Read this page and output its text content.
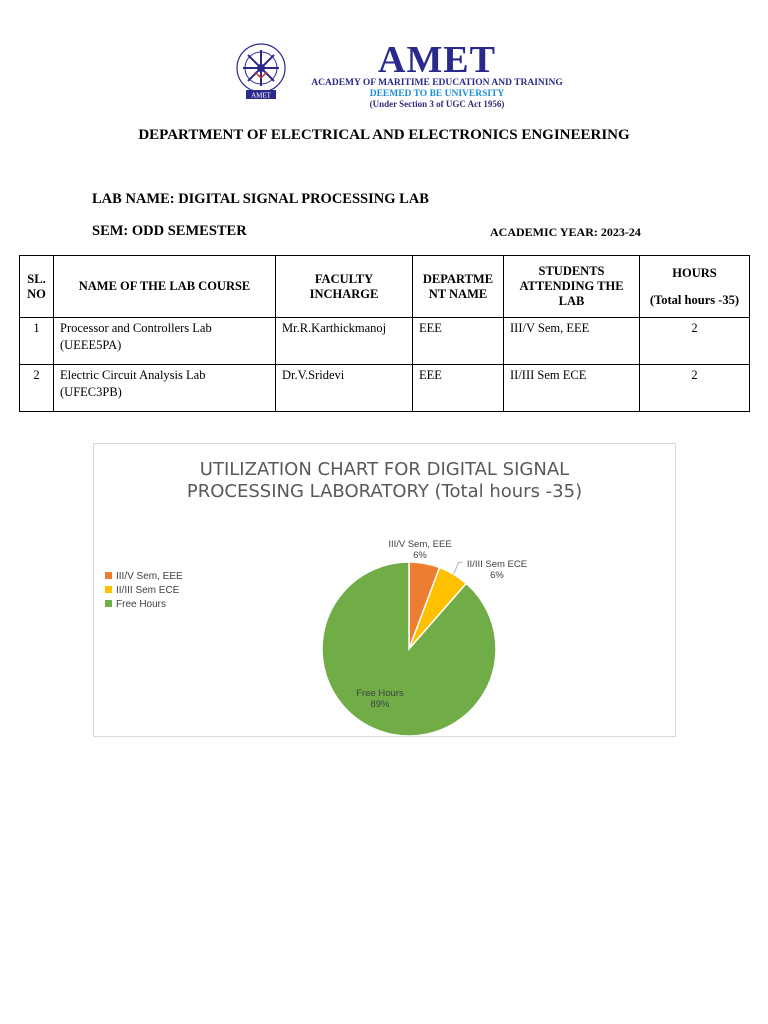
AMET
AMET
ACADEMY OF MARITIME EDUCATION AND TRAINING
DEEMED TO BE UNIVERSITY
(Under Section 3 of UGC Act 1956)
DEPARTMENT OF ELECTRICAL AND ELECTRONICS ENGINEERING
LAB NAME: DIGITAL SIGNAL PROCESSING LAB
SEM: ODD SEMESTER	ACADEMIC YEAR: 2023-24
SL. NO	NAME OF THE LAB COURSE	FACULTY INCHARGE	DEPARTME NT NAME	STUDENTS ATTENDING THE LAB	HOURS
(Total hours -35)

1	Processor and Controllers Lab (UEEE5PA)	Mr.R.Karthickmanoj	EEE	III/V Sem, EEE	2
2	Electric Circuit Analysis Lab (UFEC3PB)	Dr.V.Sridevi	EEE	II/III Sem ECE	2
UTILIZATION CHART FOR DIGITAL SIGNAL
PROCESSING LABORATORY (Total hours -35)
III/V Sem, EEE
II/III Sem ECE
Free Hours
III/V Sem, EEE
6%
II/III Sem ECE
6%
Free Hours
89%
